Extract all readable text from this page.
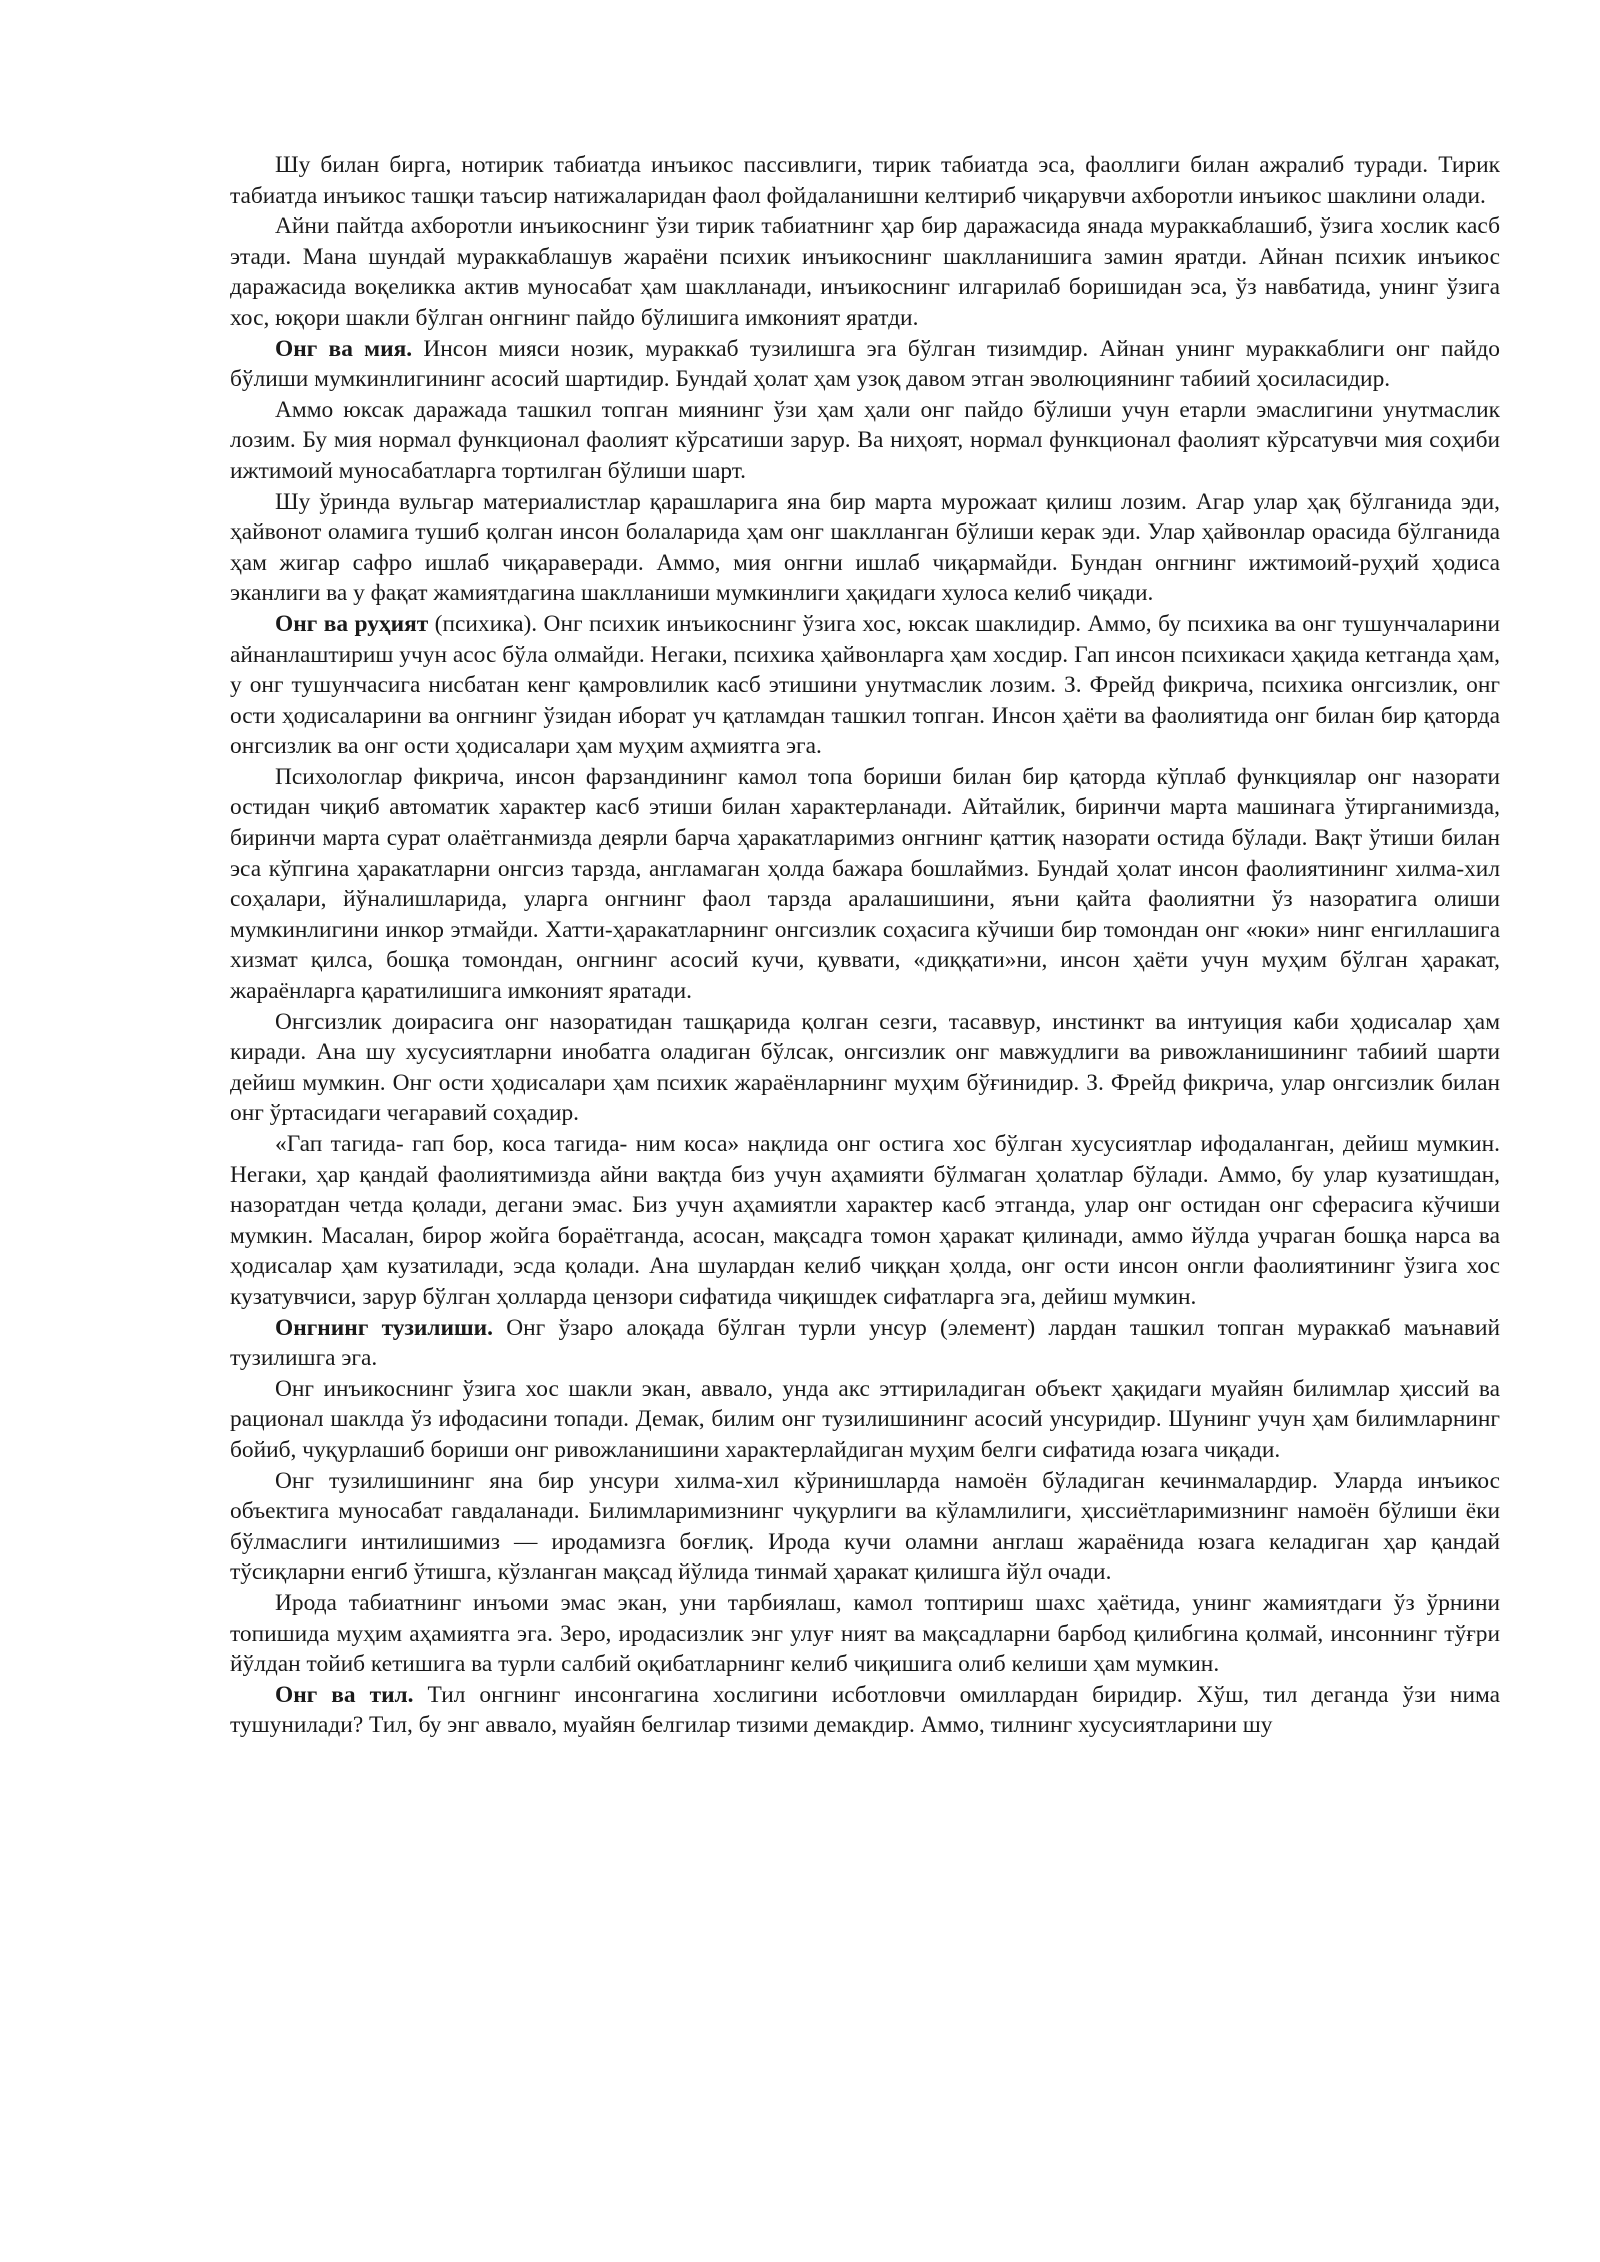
Шу билан бирга, нотирик табиатда инъикос пассивлиги, тирик табиатда эса, фаоллиги билан ажралиб туради. Тирик табиатда инъикос ташқи таъсир натижаларидан фаол фойдаланишни келтириб чиқарувчи ахборотли инъикос шаклини олади.

Айни пайтда ахборотли инъикоснинг ўзи тирик табиатнинг ҳар бир даражасида янада мураккаблашиб, ўзига хослик касб этади. Мана шундай мураккаблашув жараёни психик инъикоснинг шаклланишига замин яратди. Айнан психик инъикос даражасида воқеликка актив муносабат ҳам шаклланади, инъикоснинг илгарилаб боришидан эса, ўз навбатида, унинг ўзига хос, юқори шакли бўлган онгнинг пайдо бўлишига имконият яратди.

Онг ва мия. Инсон мияси нозик, мураккаб тузилишга эга бўлган тизимдир. Айнан унинг мураккаблиги онг пайдо бўлиши мумкинлигининг асосий шартидир. Бундай ҳолат ҳам узоқ давом этган эволюциянинг табиий ҳосиласидир.

Аммо юксак даражада ташкил топган миянинг ўзи ҳам ҳали онг пайдо бўлиши учун етарли эмаслигини унутмаслик лозим. Бу мия нормал функционал фаолият кўрсатиши зарур. Ва ниҳоят, нормал функционал фаолият кўрсатувчи мия соҳиби ижтимоий муносабатларга тортилган бўлиши шарт.

Шу ўринда вульгар материалистлар қарашларига яна бир марта мурожаат қилиш лозим. Агар улар ҳақ бўлганида эди, ҳайвонот оламига тушиб қолган инсон болаларида ҳам онг шаклланган бўлиши керак эди. Улар ҳайвонлар орасида бўлганида ҳам жигар сафро ишлаб чиқараверади. Аммо, мия онгни ишлаб чиқармайди. Бундан онгнинг ижтимоий-руҳий ҳодиса эканлиги ва у фақат жамиятдагина шаклланиши мумкинлиги ҳақидаги хулоса келиб чиқади.

Онг ва руҳият (психика). Онг психик инъикоснинг ўзига хос, юксак шаклидир. Аммо, бу психика ва онг тушунчаларини айнанлаштириш учун асос бўла олмайди. Негаки, психика ҳайвонларга ҳам хосдир. Гап инсон психикаси ҳақида кетганда ҳам, у онг тушунчасига нисбатан кенг қамровлилик касб этишини унутмаслик лозим. З. Фрейд фикрича, психика онгсизлик, онг ости ҳодисаларини ва онгнинг ўзидан иборат уч қатламдан ташкил топган. Инсон ҳаёти ва фаолиятида онг билан бир қаторда онгсизлик ва онг ости ҳодисалари ҳам муҳим аҳмиятга эга.

Психологлар фикрича, инсон фарзандининг камол топа бориши билан бир қаторда кўплаб функциялар онг назорати остидан чиқиб автоматик характер касб этиши билан характерланади. Айтайлик, биринчи марта машинага ўтирганимизда, биринчи марта сурат олаётганмизда деярли барча ҳаракатларимиз онгнинг қаттиқ назорати остида бўлади. Вақт ўтиши билан эса кўпгина ҳаракатларни онгсиз тарзда, англамаган ҳолда бажара бошлаймиз. Бундай ҳолат инсон фаолиятининг хилма-хил соҳалари, йўналишларида, уларга онгнинг фаол тарзда аралашишини, яъни қайта фаолиятни ўз назоратига олиши мумкинлигини инкор этмайди. Хатти-ҳаракатларнинг онгсизлик соҳасига кўчиши бир томондан онг «юки» нинг енгиллашига хизмат қилса, бошқа томондан, онгнинг асосий кучи, қуввати, «диққати»ни, инсон ҳаёти учун муҳим бўлган ҳаракат, жараёнларга қаратилишига имконият яратади.

Онгсизлик доирасига онг назоратидан ташқарида қолган сезги, тасаввур, инстинкт ва интуиция каби ҳодисалар ҳам киради. Ана шу хусусиятларни инобатга оладиган бўлсак, онгсизлик онг мавжудлиги ва ривожланишининг табиий шарти дейиш мумкин. Онг ости ҳодисалари ҳам психик жараёнларнинг муҳим бўғинидир. З. Фрейд фикрича, улар онгсизлик билан онг ўртасидаги чегаравий соҳадир.

«Гап тагида- гап бор, коса тагида- ним коса» нақлида онг остига хос бўлган хусусиятлар ифодаланган, дейиш мумкин. Негаки, ҳар қандай фаолиятимизда айни вақтда биз учун аҳамияти бўлмаган ҳолатлар бўлади. Аммо, бу улар кузатишдан, назоратдан четда қолади, дегани эмас. Биз учун аҳамиятли характер касб этганда, улар онг остидан онг сферасига кўчиши мумкин. Масалан, бирор жойга бораётганда, асосан, мақсадга томон ҳаракат қилинади, аммо йўлда учраган бошқа нарса ва ҳодисалар ҳам кузатилади, эсда қолади. Ана шулардан келиб чиққан ҳолда, онг ости инсон онгли фаолиятининг ўзига хос кузатувчиси, зарур бўлган ҳолларда цензори сифатида чиқишдек сифатларга эга, дейиш мумкин.

Онгнинг тузилиши. Онг ўзаро алоқада бўлган турли унсур (элемент) лардан ташкил топган мураккаб маънавий тузилишга эга.

Онг инъикоснинг ўзига хос шакли экан, аввало, унда акс эттириладиган объект ҳақидаги муайян билимлар ҳиссий ва рационал шаклда ўз ифодасини топади. Демак, билим онг тузилишининг асосий унсуридир. Шунинг учун ҳам билимларнинг бойиб, чуқурлашиб бориши онг ривожланишини характерлайдиган муҳим белги сифатида юзага чиқади.

Онг тузилишининг яна бир унсури хилма-хил кўринишларда намоён бўладиган кечинмалардир. Уларда инъикос объектига муносабат гавдаланади. Билимларимизнинг чуқурлиги ва кўламлилиги, ҳиссиётларимизнинг намоён бўлиши ёки бўлмаслиги интилишимиз — иродамизга боғлиқ. Ирода кучи оламни англаш жараёнида юзага келадиган ҳар қандай тўсиқларни енгиб ўтишга, кўзланган мақсад йўлида тинмай ҳаракат қилишга йўл очади.

Ирода табиатнинг инъоми эмас экан, уни тарбиялаш, камол топтириш шахс ҳаётида, унинг жамиятдаги ўз ўрнини топишида муҳим аҳамиятга эга. Зеро, иродасизлик энг улуғ ният ва мақсадларни барбод қилибгина қолмай, инсоннинг тўғри йўлдан тойиб кетишига ва турли салбий оқибатларнинг келиб чиқишига олиб келиши ҳам мумкин.

Онг ва тил. Тил онгнинг инсонгагина хослигини исботловчи омиллардан биридир. Хўш, тил деганда ўзи нима тушунилади? Тил, бу энг аввало, муайян белгилар тизими демакдир. Аммо, тилнинг хусусиятларини шу
